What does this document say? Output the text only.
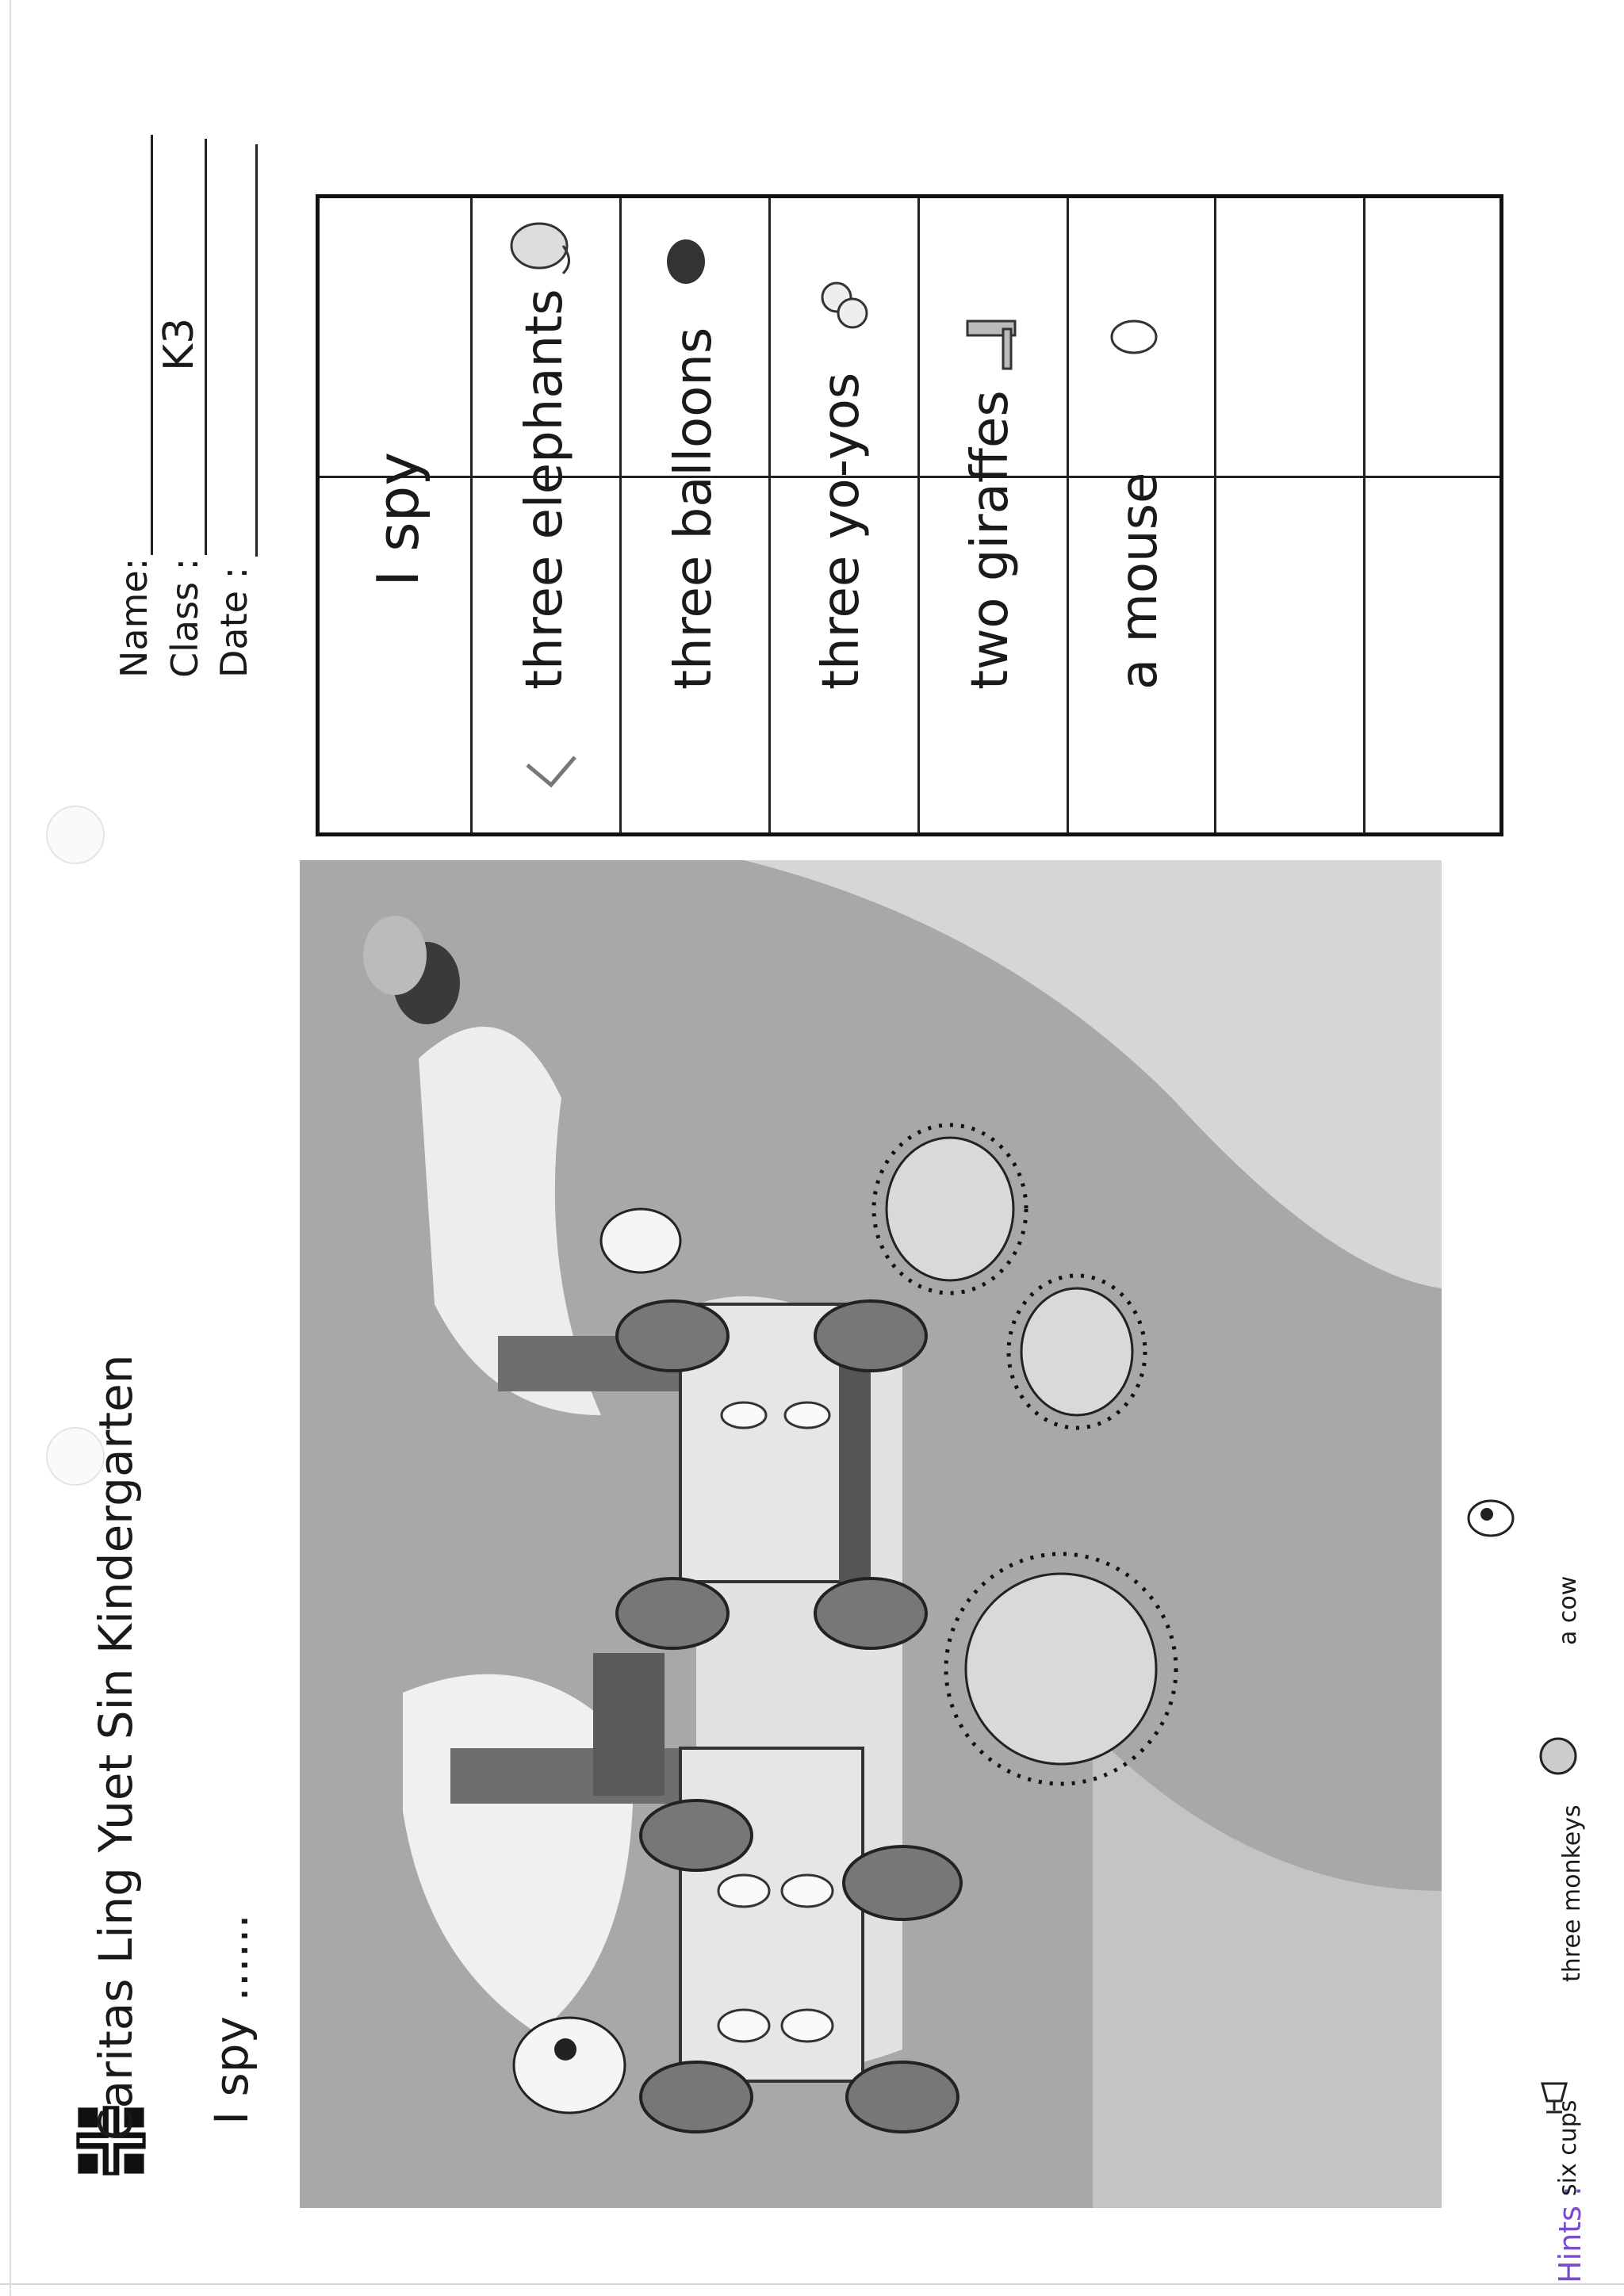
Caritas Ling Yuet Sin Kindergarten I spy ......
Name: Class :
K3
Date :
I spy three elephants three balloons three yo-yos two giraffes a mouse
Hints :
six cups
three monkeys
a cow
